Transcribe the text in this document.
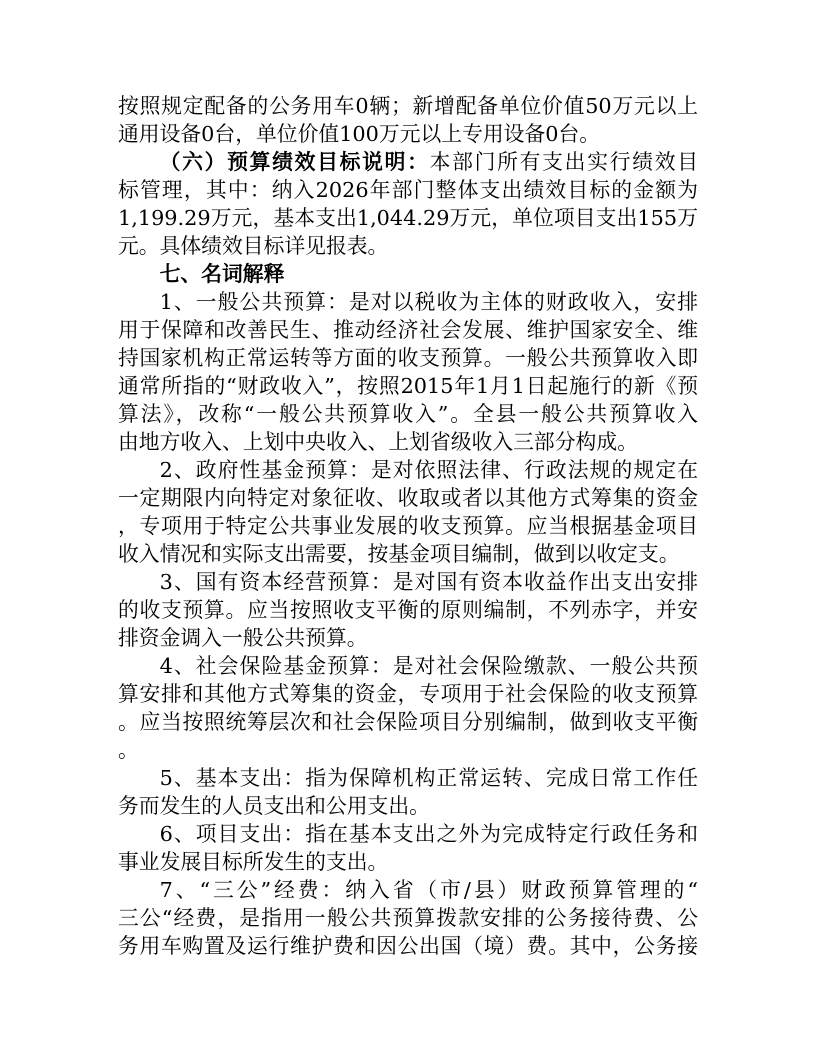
按照规定配备的公务用车0辆；新增配备单位价值50万元以上
通用设备0台，单位价值100万元以上专用设备0台。
（六）预算绩效目标说明：本部门所有支出实行绩效目
标管理，其中：纳入2026年部门整体支出绩效目标的金额为
1,199.29万元，基本支出1,044.29万元，单位项目支出155万
元。具体绩效目标详见报表。
七、名词解释
1、一般公共预算：是对以税收为主体的财政收入，安排
用于保障和改善民生、推动经济社会发展、维护国家安全、维
持国家机构正常运转等方面的收支预算。一般公共预算收入即
通常所指的“财政收入”，按照2015年1月1日起施行的新《预
算法》，改称“一般公共预算收入”。全县一般公共预算收入
由地方收入、上划中央收入、上划省级收入三部分构成。
2、政府性基金预算：是对依照法律、行政法规的规定在
一定期限内向特定对象征收、收取或者以其他方式筹集的资金
，专项用于特定公共事业发展的收支预算。应当根据基金项目
收入情况和实际支出需要，按基金项目编制，做到以收定支。
3、国有资本经营预算：是对国有资本收益作出支出安排
的收支预算。应当按照收支平衡的原则编制，不列赤字，并安
排资金调入一般公共预算。
4、社会保险基金预算：是对社会保险缴款、一般公共预
算安排和其他方式筹集的资金，专项用于社会保险的收支预算
。应当按照统筹层次和社会保险项目分别编制，做到收支平衡
。
5、基本支出：指为保障机构正常运转、完成日常工作任
务而发生的人员支出和公用支出。
6、项目支出：指在基本支出之外为完成特定行政任务和
事业发展目标所发生的支出。
7、“三公”经费：纳入省（市/县）财政预算管理的“
三公“经费，是指用一般公共预算拨款安排的公务接待费、公
务用车购置及运行维护费和因公出国（境）费。其中，公务接
